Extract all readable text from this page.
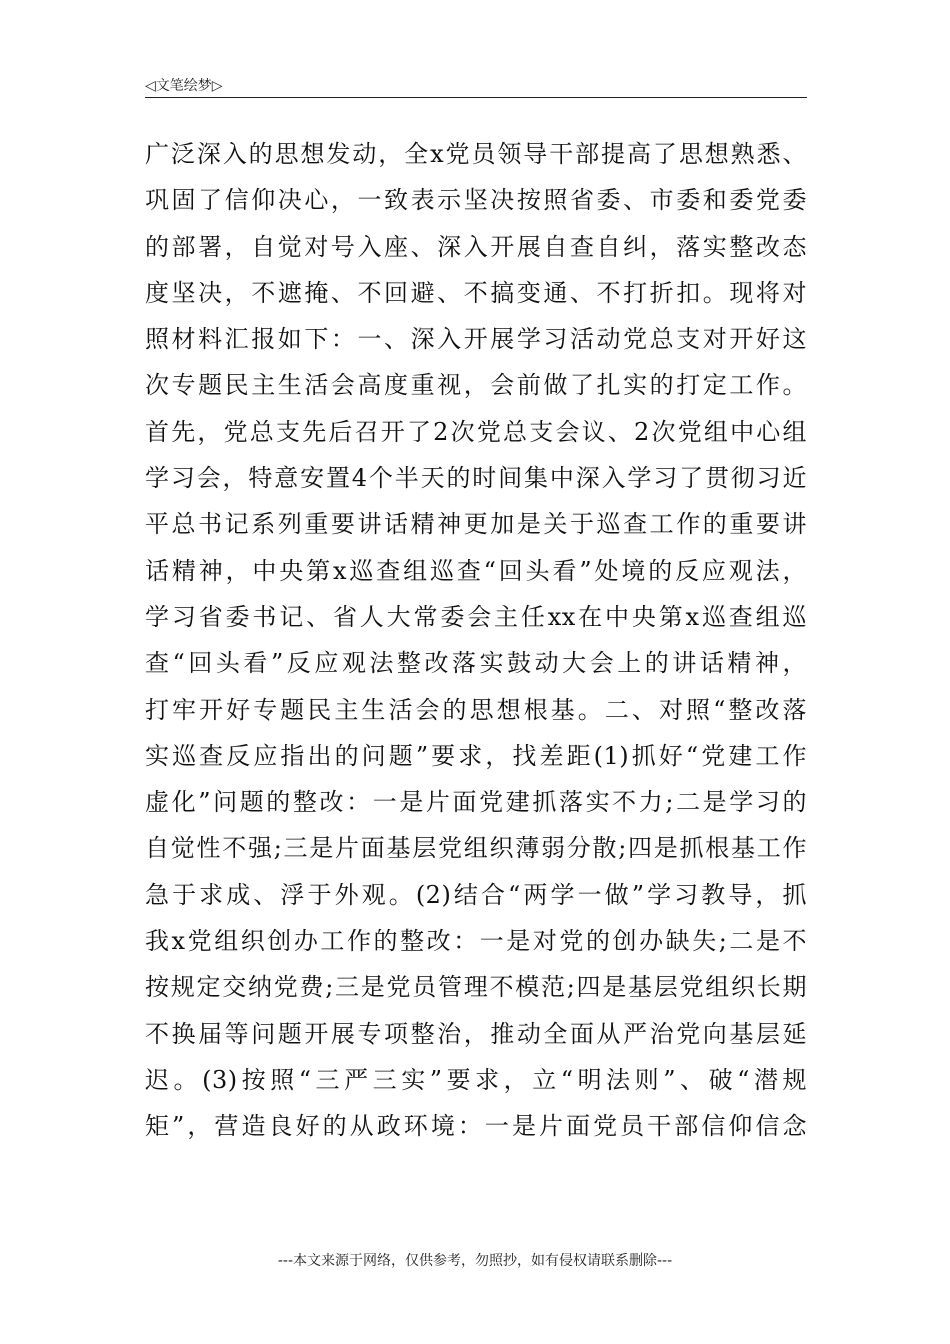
◁文笔绘梦▷
广泛深入的思想发动，全x党员领导干部提高了思想熟悉、
巩固了信仰决心，一致表示坚决按照省委、市委和委党委
的部署，自觉对号入座、深入开展自查自纠，落实整改态
度坚决，不遮掩、不回避、不搞变通、不打折扣。现将对
照材料汇报如下：一、深入开展学习活动党总支对开好这
次专题民主生活会高度重视，会前做了扎实的打定工作。
首先，党总支先后召开了2次党总支会议、2次党组中心组
学习会，特意安置4个半天的时间集中深入学习了贯彻习近
平总书记系列重要讲话精神更加是关于巡查工作的重要讲
话精神，中央第x巡查组巡查“回头看”处境的反应观法，
学习省委书记、省人大常委会主任xx在中央第x巡查组巡
查“回头看”反应观法整改落实鼓动大会上的讲话精神，
打牢开好专题民主生活会的思想根基。二、对照“整改落
实巡查反应指出的问题”要求，找差距(1)抓好“党建工作
虚化”问题的整改：一是片面党建抓落实不力;二是学习的
自觉性不强;三是片面基层党组织薄弱分散;四是抓根基工作
急于求成、浮于外观。(2)结合“两学一做”学习教导，抓
我x党组织创办工作的整改：一是对党的创办缺失;二是不
按规定交纳党费;三是党员管理不模范;四是基层党组织长期
不换届等问题开展专项整治，推动全面从严治党向基层延
迟。(3)按照“三严三实”要求，立“明法则”、破“潜规
矩”，营造良好的从政环境：一是片面党员干部信仰信念
---本文来源于网络，仅供参考，勿照抄，如有侵权请联系删除---
